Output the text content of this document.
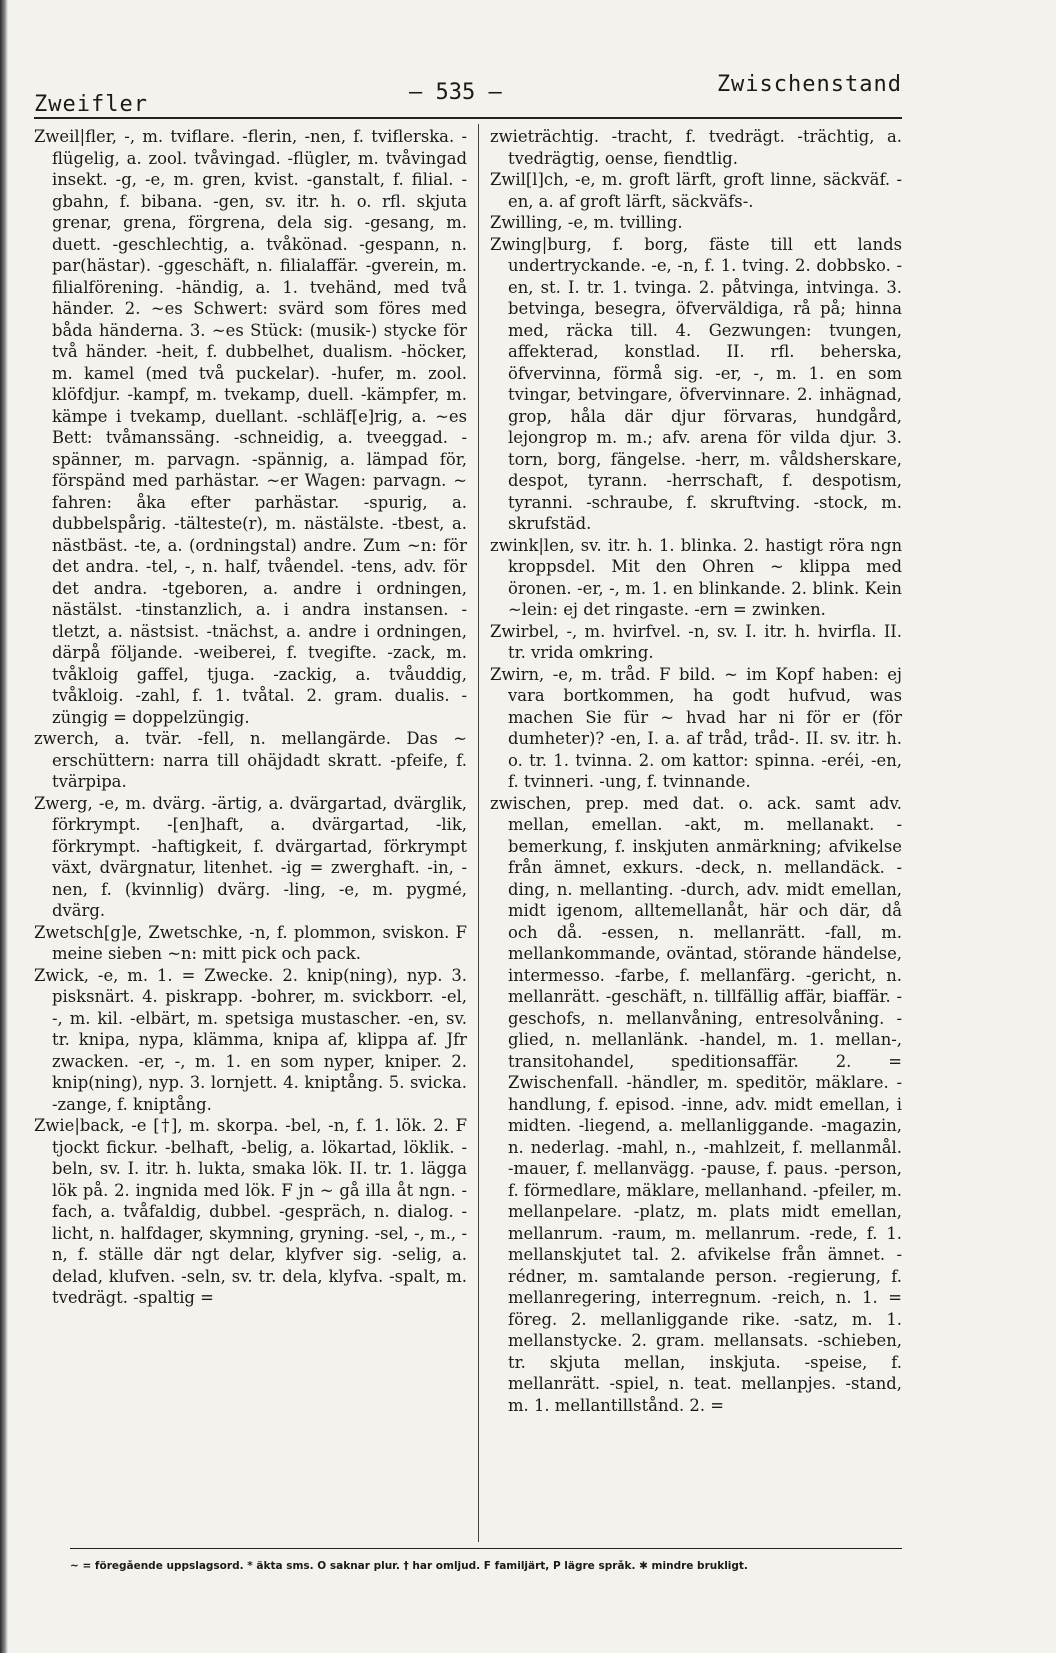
Zweifler	— 535 —	Zwischenstand

Zweil|fler, -, m. tviflare. -flerin, -nen, f. tviflerska. -flügelig, a. zool. tvåvingad. -flügler, m. tvåvingad insekt. -g, -e, m. gren, kvist. -ganstalt, f. filial. -gbahn, f. bibana. -gen, sv. itr. h. o. rfl. skjuta grenar, grena, förgrena, dela sig. -gesang, m. duett. -geschlechtig, a. tvåkönad. -gespann, n. par(hästar). -ggeschäft, n. filialaffär. -gverein, m. filialförening. -händig, a. 1. tvehänd, med två händer. 2. ~es Schwert: svärd som föres med båda händerna. 3. ~es Stück: (musik-) stycke för två händer. -heit, f. dubbelhet, dualism. -höcker, m. kamel (med två puckelar). -hufer, m. zool. klöfdjur. -kampf, m. tvekamp, duell. -kämpfer, m. kämpe i tvekamp, duellant. -schläf[e]rig, a. ~es Bett: tvåmanssäng. -schneidig, a. tveeggad. -spänner, m. parvagn. -spännig, a. lämpad för, förspänd med parhästar. ~er Wagen: parvagn. ~ fahren: åka efter parhästar. -spurig, a. dubbelspårig. -tälteste(r), m. nästälste. -tbest, a. nästbäst. -te, a. (ordningstal) andre. Zum ~n: för det andra. -tel, -, n. half, tvåendel. -tens, adv. för det andra. -tgeboren, a. andre i ordningen, nästälst. -tinstanzlich, a. i andra instansen. -tletzt, a. nästsist. -tnächst, a. andre i ordningen, därpå följande. -weiberei, f. tvegifte. -zack, m. tvåkloig gaffel, tjuga. -zackig, a. tvåuddig, tvåkloig. -zahl, f. 1. tvåtal. 2. gram. dualis. -züngig = doppelzüngig.

zwerch, a. tvär. -fell, n. mellangärde. Das ~ erschüttern: narra till ohäjdadt skratt. -pfeife, f. tvärpipa.

Zwerg, -e, m. dvärg. -ärtig, a. dvärgartad, dvärglik, förkrympt. -[en]haft, a. dvärgartad, -lik, förkrympt. -haftigkeit, f. dvärgartad, förkrympt växt, dvärgnatur, litenhet. -ig = zwerghaft. -in, -nen, f. (kvinnlig) dvärg. -ling, -e, m. pygmé, dvärg.

Zwetsch[g]e, Zwetschke, -n, f. plommon, sviskon. F meine sieben ~n: mitt pick och pack.

Zwick, -e, m. 1. = Zwecke. 2. knip(ning), nyp. 3. pisksnärt. 4. piskrapp. -bohrer, m. svickborr. -el, -, m. kil. -elbärt, m. spetsiga mustascher. -en, sv. tr. knipa, nypa, klämma, knipa af, klippa af. Jfr zwacken. -er, -, m. 1. en som nyper, kniper. 2. knip(ning), nyp. 3. lornjett. 4. kniptång. 5. svicka. -zange, f. kniptång.

Zwie|back, -e [†], m. skorpa. -bel, -n, f. 1. lök. 2. F tjockt fickur. -belhaft, -belig, a. lökartad, löklik. -beln, sv. I. itr. h. lukta, smaka lök. II. tr. 1. lägga lök på. 2. ingnida med lök. F jn ~ gå illa åt ngn. -fach, a. tvåfaldig, dubbel. -gespräch, n. dialog. -licht, n. halfdager, skymning, gryning. -sel, -, m., -n, f. ställe där ngt delar, klyfver sig. -selig, a. delad, klufven. -seln, sv. tr. dela, klyfva. -spalt, m. tvedrägt. -spaltig =

zwieträchtig. -tracht, f. tvedrägt. -trächtig, a. tvedrägtig, oense, fiendtlig.

Zwil[l]ch, -e, m. groft lärft, groft linne, säckväf. -en, a. af groft lärft, säckväfs-.

Zwilling, -e, m. tvilling.

Zwing|burg, f. borg, fäste till ett lands undertryckande. -e, -n, f. 1. tving. 2. dobbsko. -en, st. I. tr. 1. tvinga. 2. påtvinga, intvinga. 3. betvinga, besegra, öfverväldiga, rå på; hinna med, räcka till. 4. Gezwungen: tvungen, affekterad, konstlad. II. rfl. beherska, öfvervinna, förmå sig. -er, -, m. 1. en som tvingar, betvingare, öfvervinnare. 2. inhägnad, grop, håla där djur förvaras, hundgård, lejongrop m. m.; afv. arena för vilda djur. 3. torn, borg, fängelse. -herr, m. våldsherskare, despot, tyrann. -herrschaft, f. despotism, tyranni. -schraube, f. skruftving. -stock, m. skrufstäd.

zwink|len, sv. itr. h. 1. blinka. 2. hastigt röra ngn kroppsdel. Mit den Ohren ~ klippa med öronen. -er, -, m. 1. en blinkande. 2. blink. Kein ~lein: ej det ringaste. -ern = zwinken.

Zwirbel, -, m. hvirfvel. -n, sv. I. itr. h. hvirfla. II. tr. vrida omkring.

Zwirn, -e, m. tråd. F bild. ~ im Kopf haben: ej vara bortkommen, ha godt hufvud, was machen Sie für ~ hvad har ni för er (för dumheter)? -en, I. a. af tråd, tråd-. II. sv. itr. h. o. tr. 1. tvinna. 2. om kattor: spinna. -eréi, -en, f. tvinneri. -ung, f. tvinnande.

zwischen, prep. med dat. o. ack. samt adv. mellan, emellan. -akt, m. mellanakt. -bemerkung, f. inskjuten anmärkning; afvikelse från ämnet, exkurs. -deck, n. mellandäck. -ding, n. mellanting. -durch, adv. midt emellan, midt igenom, alltemellanåt, här och där, då och då. -essen, n. mellanrätt. -fall, m. mellankommande, oväntad, störande händelse, intermesso. -farbe, f. mellanfärg. -gericht, n. mellanrätt. -geschäft, n. tillfällig affär, biaffär. -geschofs, n. mellanvåning, entresolvåning. -glied, n. mellanlänk. -handel, m. 1. mellan-, transitohandel, speditionsaffär. 2. = Zwischenfall. -händler, m. speditör, mäklare. -handlung, f. episod. -inne, adv. midt emellan, i midten. -liegend, a. mellanliggande. -magazin, n. nederlag. -mahl, n., -mahlzeit, f. mellanmål. -mauer, f. mellanvägg. -pause, f. paus. -person, f. förmedlare, mäklare, mellanhand. -pfeiler, m. mellanpelare. -platz, m. plats midt emellan, mellanrum. -raum, m. mellanrum. -rede, f. 1. mellanskjutet tal. 2. afvikelse från ämnet. -rédner, m. samtalande person. -regierung, f. mellanregering, interregnum. -reich, n. 1. = föreg. 2. mellanliggande rike. -satz, m. 1. mellanstycke. 2. gram. mellansats. -schieben, tr. skjuta mellan, inskjuta. -speise, f. mellanrätt. -spiel, n. teat. mellanpjes. -stand, m. 1. mellantillstånd. 2. =

~ = föregående uppslagsord. * äkta sms. O saknar plur. † har omljud. F familjärt, P lägre språk. ✱ mindre brukligt.
